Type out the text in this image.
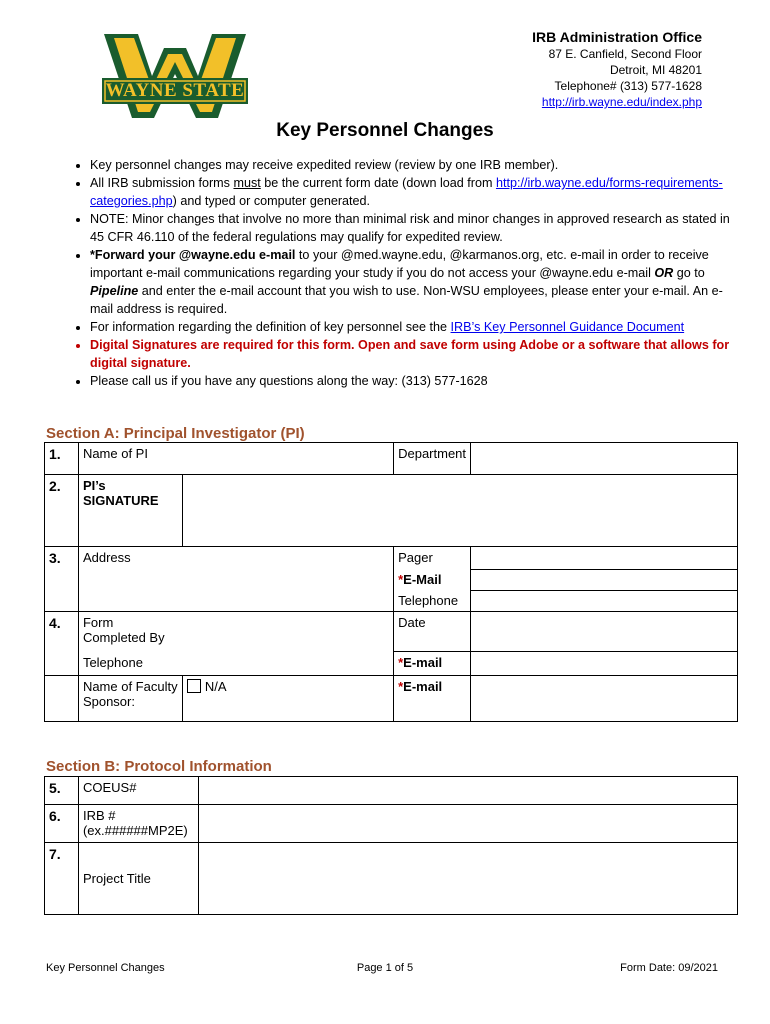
WAYNE STATE
IRB Administration Office
87 E. Canfield, Second Floor
Detroit, MI 48201
Telephone# (313) 577-1628
http://irb.wayne.edu/index.php
Key Personnel Changes
• Key personnel changes may receive expedited review (review by one IRB member).
• All IRB submission forms must be the current form date (down load from http://irb.wayne.edu/forms-requirements-categories.php) and typed or computer generated.
• NOTE: Minor changes that involve no more than minimal risk and minor changes in approved research as stated in 45 CFR 46.110 of the federal regulations may qualify for expedited review.
• *Forward your @wayne.edu e-mail to your @med.wayne.edu, @karmanos.org, etc. e-mail in order to receive important e-mail communications regarding your study if you do not access your @wayne.edu e-mail OR go to Pipeline and enter the e-mail account that you wish to use. Non-WSU employees, please enter your e-mail. An e-mail address is required.
• For information regarding the definition of key personnel see the IRB’s Key Personnel Guidance Document
• Digital Signatures are required for this form. Open and save form using Adobe or a software that allows for digital signature.
• Please call us if you have any questions along the way: (313) 577-1628
Section A: Principal Investigator (PI)
1.	Name of PI		Department	
2.	PI’s
SIGNATURE			

3.	Address		Pager	
			*E-Mail	
			Telephone	
4.	Form Completed By		Date	
	Telephone		*E-mail	
	Name of Faculty Sponsor:	N/A	*E-mail	
Section B: Protocol Information
5.	COEUS#	
6.	IRB #
(ex.######MP2E)	

7.	Project Title	
Key Personnel Changes	Page 1 of 5	Form Date: 09/2021
